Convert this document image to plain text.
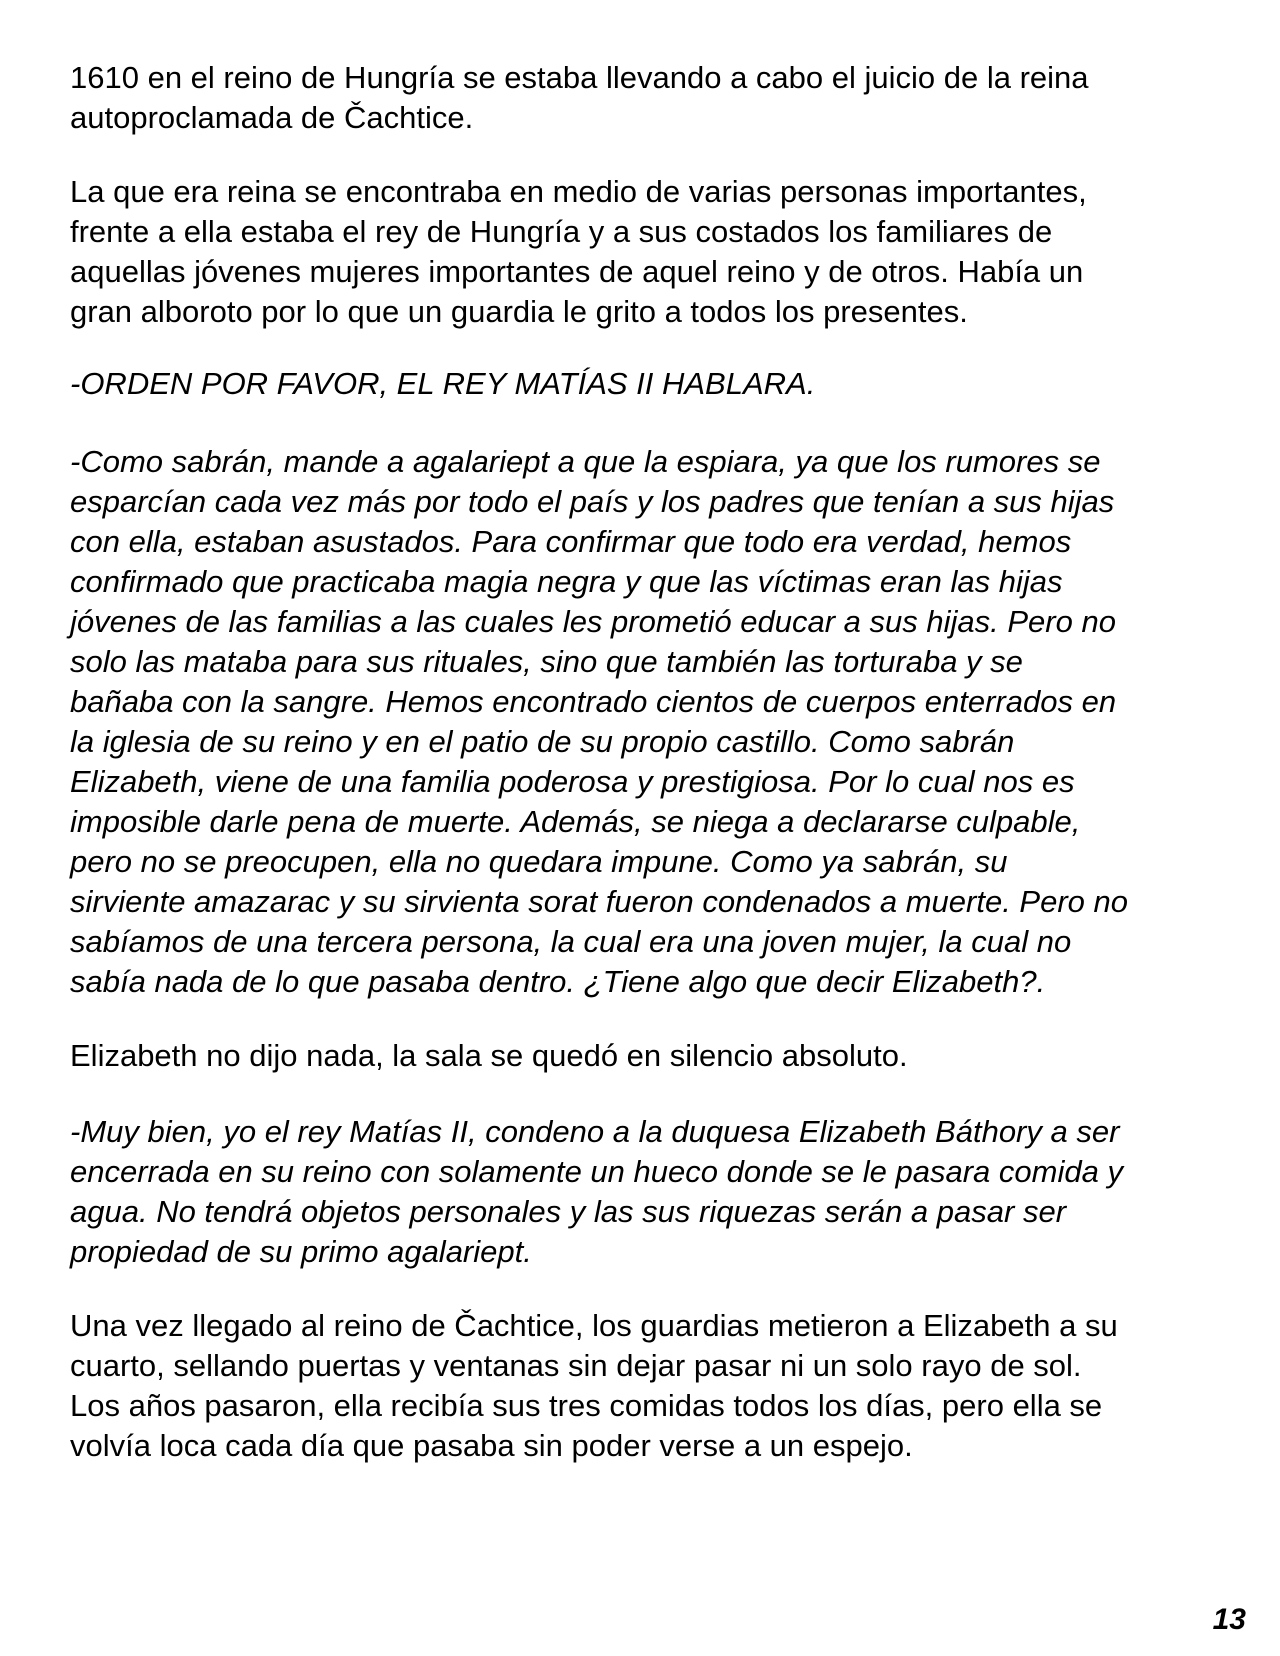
1610 en el reino de Hungría se estaba llevando a cabo el juicio de la reina
autoproclamada de Čachtice.

La que era reina se encontraba en medio de varias personas importantes,
frente a ella estaba el rey de Hungría y a sus costados los familiares de
aquellas jóvenes mujeres importantes de aquel reino y de otros. Había un
gran alboroto por lo que un guardia le grito a todos los presentes.

-ORDEN POR FAVOR, EL REY MATÍAS II HABLARA.

-Como sabrán, mande a agalariept a que la espiara, ya que los rumores se
esparcían cada vez más por todo el país y los padres que tenían a sus hijas
con ella, estaban asustados. Para confirmar que todo era verdad, hemos
confirmado que practicaba magia negra y que las víctimas eran las hijas
jóvenes de las familias a las cuales les prometió educar a sus hijas. Pero no
solo las mataba para sus rituales, sino que también las torturaba y se
bañaba con la sangre. Hemos encontrado cientos de cuerpos enterrados en
la iglesia de su reino y en el patio de su propio castillo. Como sabrán
Elizabeth, viene de una familia poderosa y prestigiosa. Por lo cual nos es
imposible darle pena de muerte. Además, se niega a declararse culpable,
pero no se preocupen, ella no quedara impune. Como ya sabrán, su
sirviente amazarac y su sirvienta sorat fueron condenados a muerte. Pero no
sabíamos de una tercera persona, la cual era una joven mujer, la cual no
sabía nada de lo que pasaba dentro. ¿Tiene algo que decir Elizabeth?.

Elizabeth no dijo nada, la sala se quedó en silencio absoluto.

-Muy bien, yo el rey Matías II, condeno a la duquesa Elizabeth Báthory a ser
encerrada en su reino con solamente un hueco donde se le pasara comida y
agua. No tendrá objetos personales y las sus riquezas serán a pasar ser
propiedad de su primo agalariept.

Una vez llegado al reino de Čachtice, los guardias metieron a Elizabeth a su
cuarto, sellando puertas y ventanas sin dejar pasar ni un solo rayo de sol.
Los años pasaron, ella recibía sus tres comidas todos los días, pero ella se
volvía loca cada día que pasaba sin poder verse a un espejo.

13
